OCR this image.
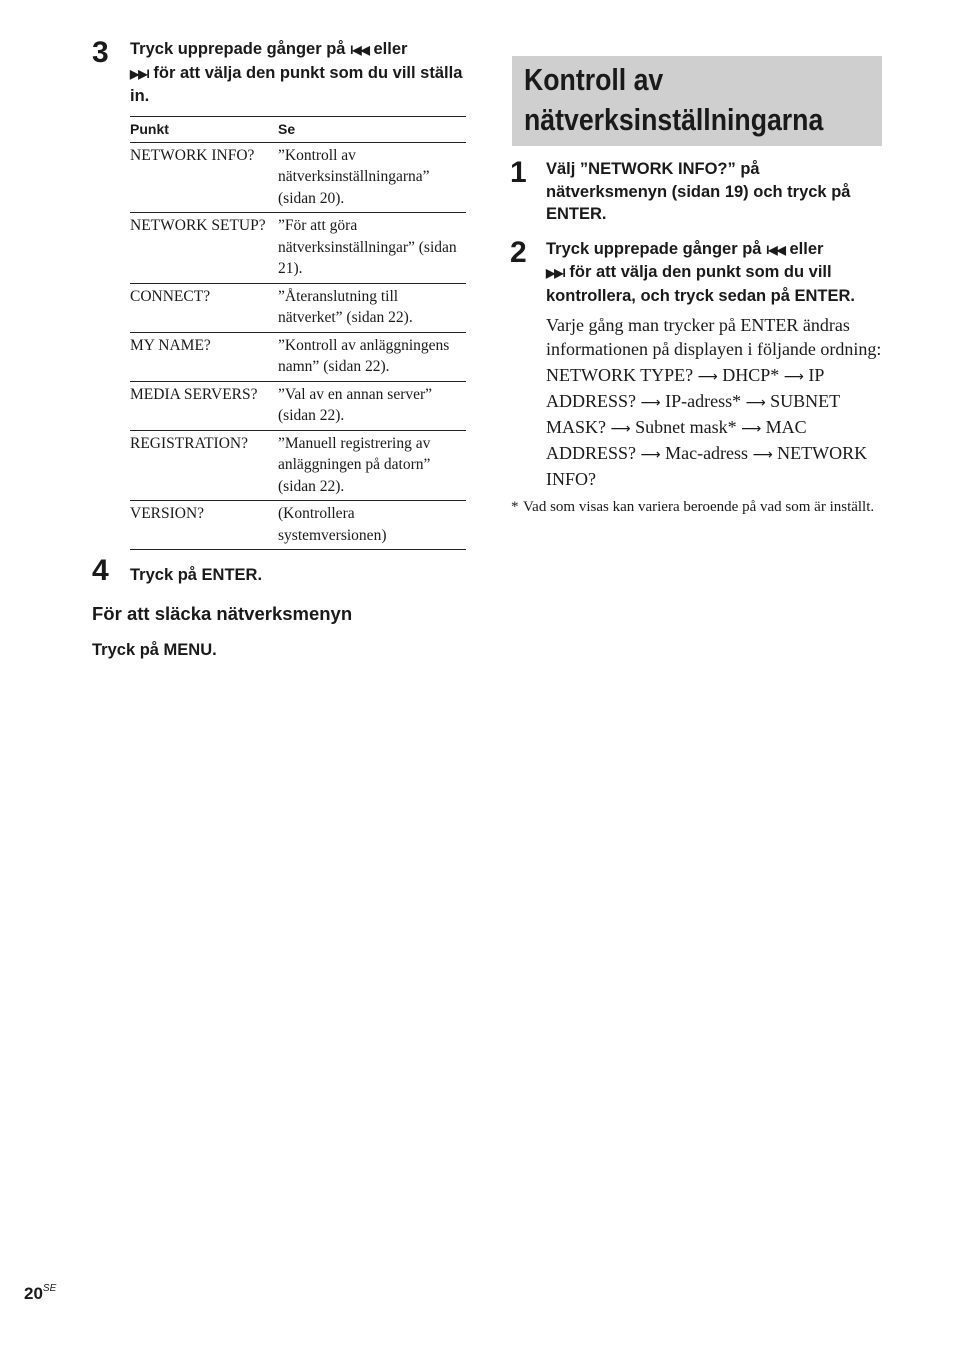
3 Tryck upprepade gånger på I◀◀ eller
▶▶I för att välja den punkt som du vill ställa in.
Punkt	Se
NETWORK INFO?	”Kontroll av nätverksinställningarna” (sidan 20).
NETWORK SETUP?	”För att göra nätverksinställningar” (sidan 21).
CONNECT?	”Återanslutning till nätverket” (sidan 22).
MY NAME?	”Kontroll av anläggningens namn” (sidan 22).
MEDIA SERVERS?	”Val av en annan server” (sidan 22).
REGISTRATION?	”Manuell registrering av anläggningen på datorn” (sidan 22).
VERSION?	(Kontrollera systemversionen)
4 Tryck på ENTER.
För att släcka nätverksmenyn
Tryck på MENU.
Kontroll av
nätverksinställningarna
1 Välj ”NETWORK INFO?” på nätverksmenyn (sidan 19) och tryck på ENTER.
2 Tryck upprepade gånger på I◀◀ eller
▶▶I för att välja den punkt som du vill kontrollera, och tryck sedan på ENTER.
Varje gång man trycker på ENTER ändras informationen på displayen i följande ordning:
NETWORK TYPE? ⟶ DHCP* ⟶ IP ADDRESS? ⟶ IP-adress* ⟶ SUBNET MASK? ⟶ Subnet mask* ⟶ MAC ADDRESS? ⟶ Mac-adress ⟶ NETWORK INFO?
* Vad som visas kan variera beroende på vad som är inställt.
$20^{SE}$
